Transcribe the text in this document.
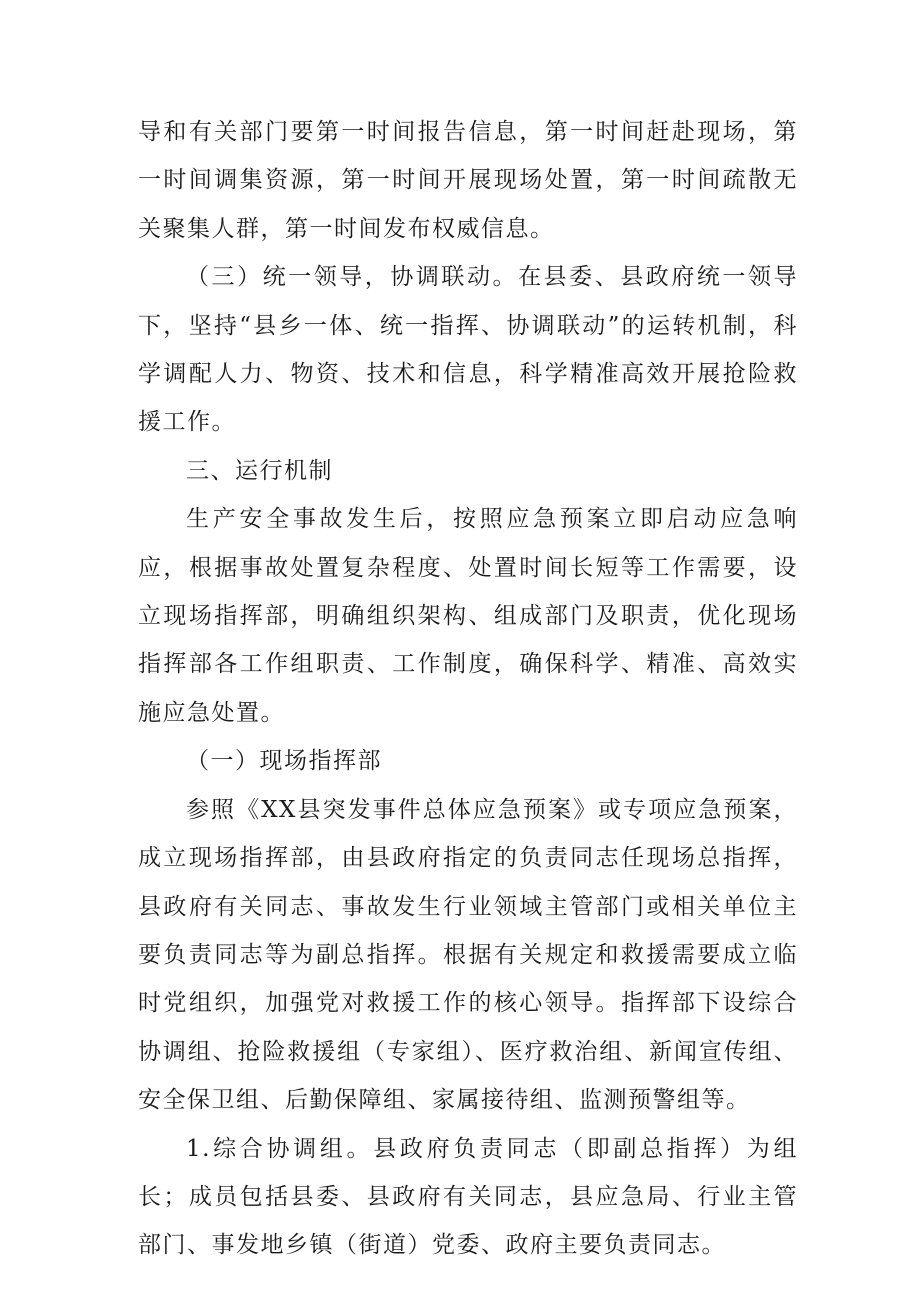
导和有关部门要第一时间报告信息，第一时间赶赴现场，第一时间调集资源，第一时间开展现场处置，第一时间疏散无关聚集人群，第一时间发布权威信息。

（三）统一领导，协调联动。在县委、县政府统一领导下，坚持“县乡一体、统一指挥、协调联动”的运转机制，科学调配人力、物资、技术和信息，科学精准高效开展抢险救援工作。

三、运行机制

生产安全事故发生后，按照应急预案立即启动应急响应，根据事故处置复杂程度、处置时间长短等工作需要，设立现场指挥部，明确组织架构、组成部门及职责，优化现场指挥部各工作组职责、工作制度，确保科学、精准、高效实施应急处置。

（一）现场指挥部

参照《XX县突发事件总体应急预案》或专项应急预案，成立现场指挥部，由县政府指定的负责同志任现场总指挥，县政府有关同志、事故发生行业领域主管部门或相关单位主要负责同志等为副总指挥。根据有关规定和救援需要成立临时党组织，加强党对救援工作的核心领导。指挥部下设综合协调组、抢险救援组（专家组）、医疗救治组、新闻宣传组、安全保卫组、后勤保障组、家属接待组、监测预警组等。

1.综合协调组。县政府负责同志（即副总指挥）为组长；成员包括县委、县政府有关同志，县应急局、行业主管部门、事发地乡镇（街道）党委、政府主要负责同志。
